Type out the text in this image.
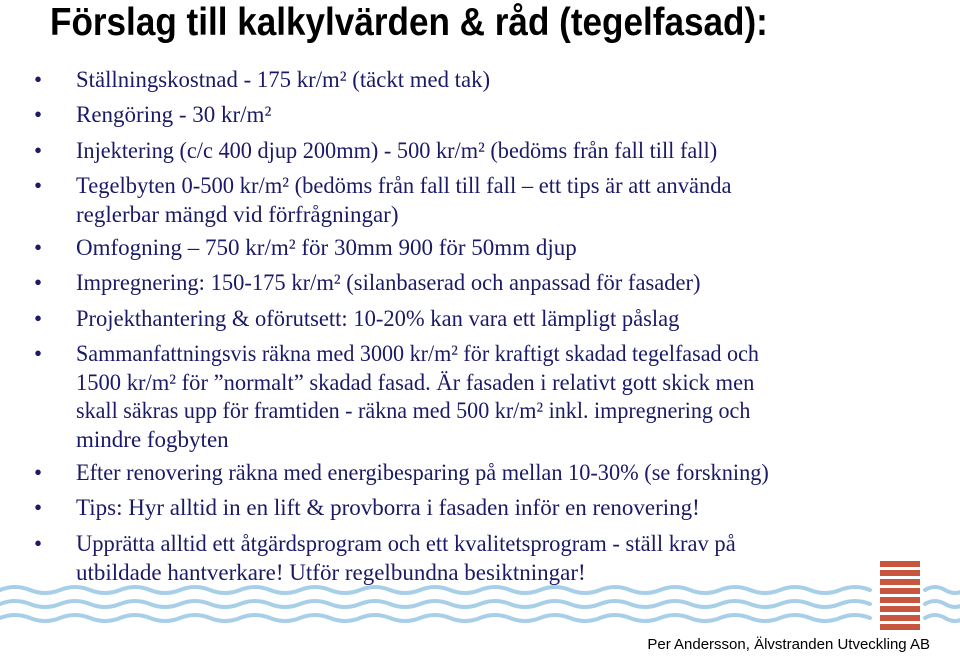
Förslag till kalkylvärden & råd (tegelfasad):
• Ställningskostnad - 175 kr/m² (täckt med tak)
• Rengöring - 30 kr/m²
• Injektering (c/c 400 djup 200mm) - 500 kr/m² (bedöms från fall till fall)
• Tegelbyten 0-500 kr/m² (bedöms från fall till fall – ett tips är att använda
reglerbar mängd vid förfrågningar)
• Omfogning – 750 kr/m² för 30mm 900 för 50mm djup
• Impregnering: 150-175 kr/m² (silanbaserad och anpassad för fasader)
• Projekthantering & oförutsett: 10-20% kan vara ett lämpligt påslag
• Sammanfattningsvis räkna med 3000 kr/m² för kraftigt skadad tegelfasad och
1500 kr/m² för ”normalt” skadad fasad. Är fasaden i relativt gott skick men
skall säkras upp för framtiden - räkna med 500 kr/m² inkl. impregnering och
mindre fogbyten
• Efter renovering räkna med energibesparing på mellan 10-30% (se forskning)
• Tips: Hyr alltid in en lift & provborra i fasaden inför en renovering!
• Upprätta alltid ett åtgärdsprogram och ett kvalitetsprogram - ställ krav på
utbildade hantverkare! Utför regelbundna besiktningar!
Per Andersson, Älvstranden Utveckling AB
